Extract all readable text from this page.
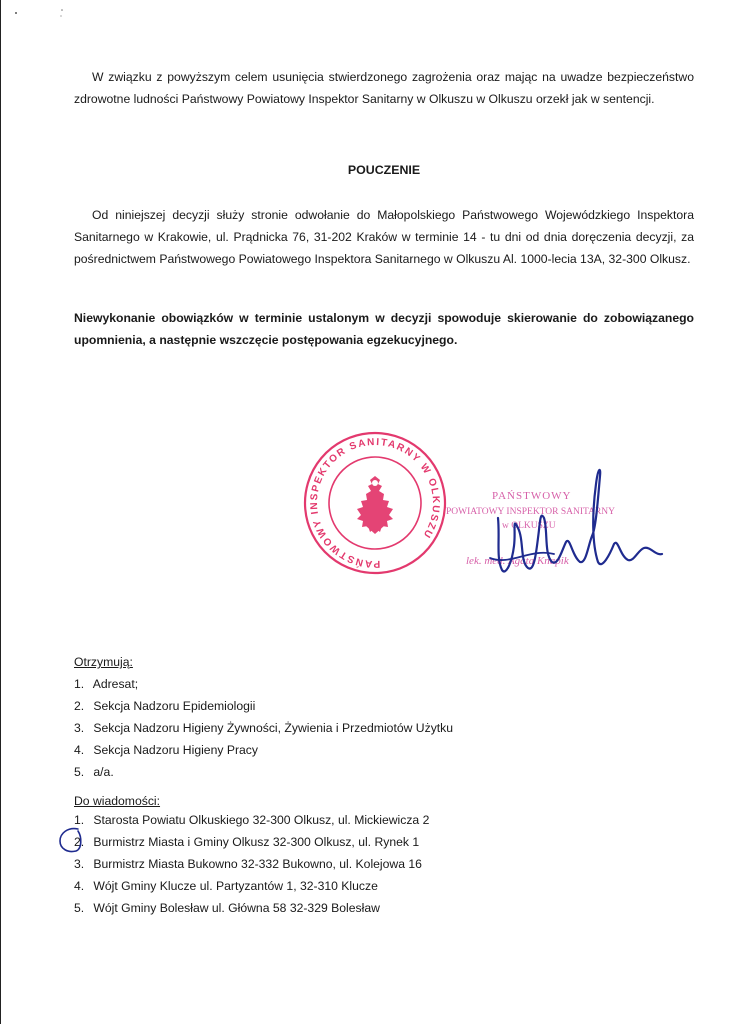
W związku z powyższym celem usunięcia stwierdzonego zagrożenia oraz mając na uwadze bezpieczeństwo zdrowotne ludności Państwowy Powiatowy Inspektor Sanitarny w Olkuszu w Olkuszu orzekł jak w sentencji.

POUCZENIE

Od niniejszej decyzji służy stronie odwołanie do Małopolskiego Państwowego Wojewódzkiego Inspektora Sanitarnego w Krakowie, ul. Prądnicka 76, 31-202 Kraków w terminie 14 - tu dni od dnia doręczenia decyzji, za pośrednictwem Państwowego Powiatowego Inspektora Sanitarnego w Olkuszu Al. 1000-lecia 13A, 32-300 Olkusz.

Niewykonanie obowiązków w terminie ustalonym w decyzji spowoduje skierowanie do zobowiązanego upomnienia, a następnie wszczęcie postępowania egzekucyjnego.

PAŃSTWOWY INSPEKTOR SANITARNY W OLKUSZU
PAŃSTWOWY
POWIATOWY INSPEKTOR SANITARNY
w OLKUSZU
lek. med. Agata Knapik
Otrzymują:
1. Adresat;
2. Sekcja Nadzoru Epidemiologii
3. Sekcja Nadzoru Higieny Żywności, Żywienia i Przedmiotów Użytku
4. Sekcja Nadzoru Higieny Pracy
5. a/a.
Do wiadomości:
1. Starosta Powiatu Olkuskiego 32-300 Olkusz, ul. Mickiewicza 2
2. Burmistrz Miasta i Gminy Olkusz 32-300 Olkusz, ul. Rynek 1
3. Burmistrz Miasta Bukowno 32-332 Bukowno, ul. Kolejowa 16
4. Wójt Gminy Klucze ul. Partyzantów 1, 32-310 Klucze
5. Wójt Gminy Bolesław ul. Główna 58 32-329 Bolesław
